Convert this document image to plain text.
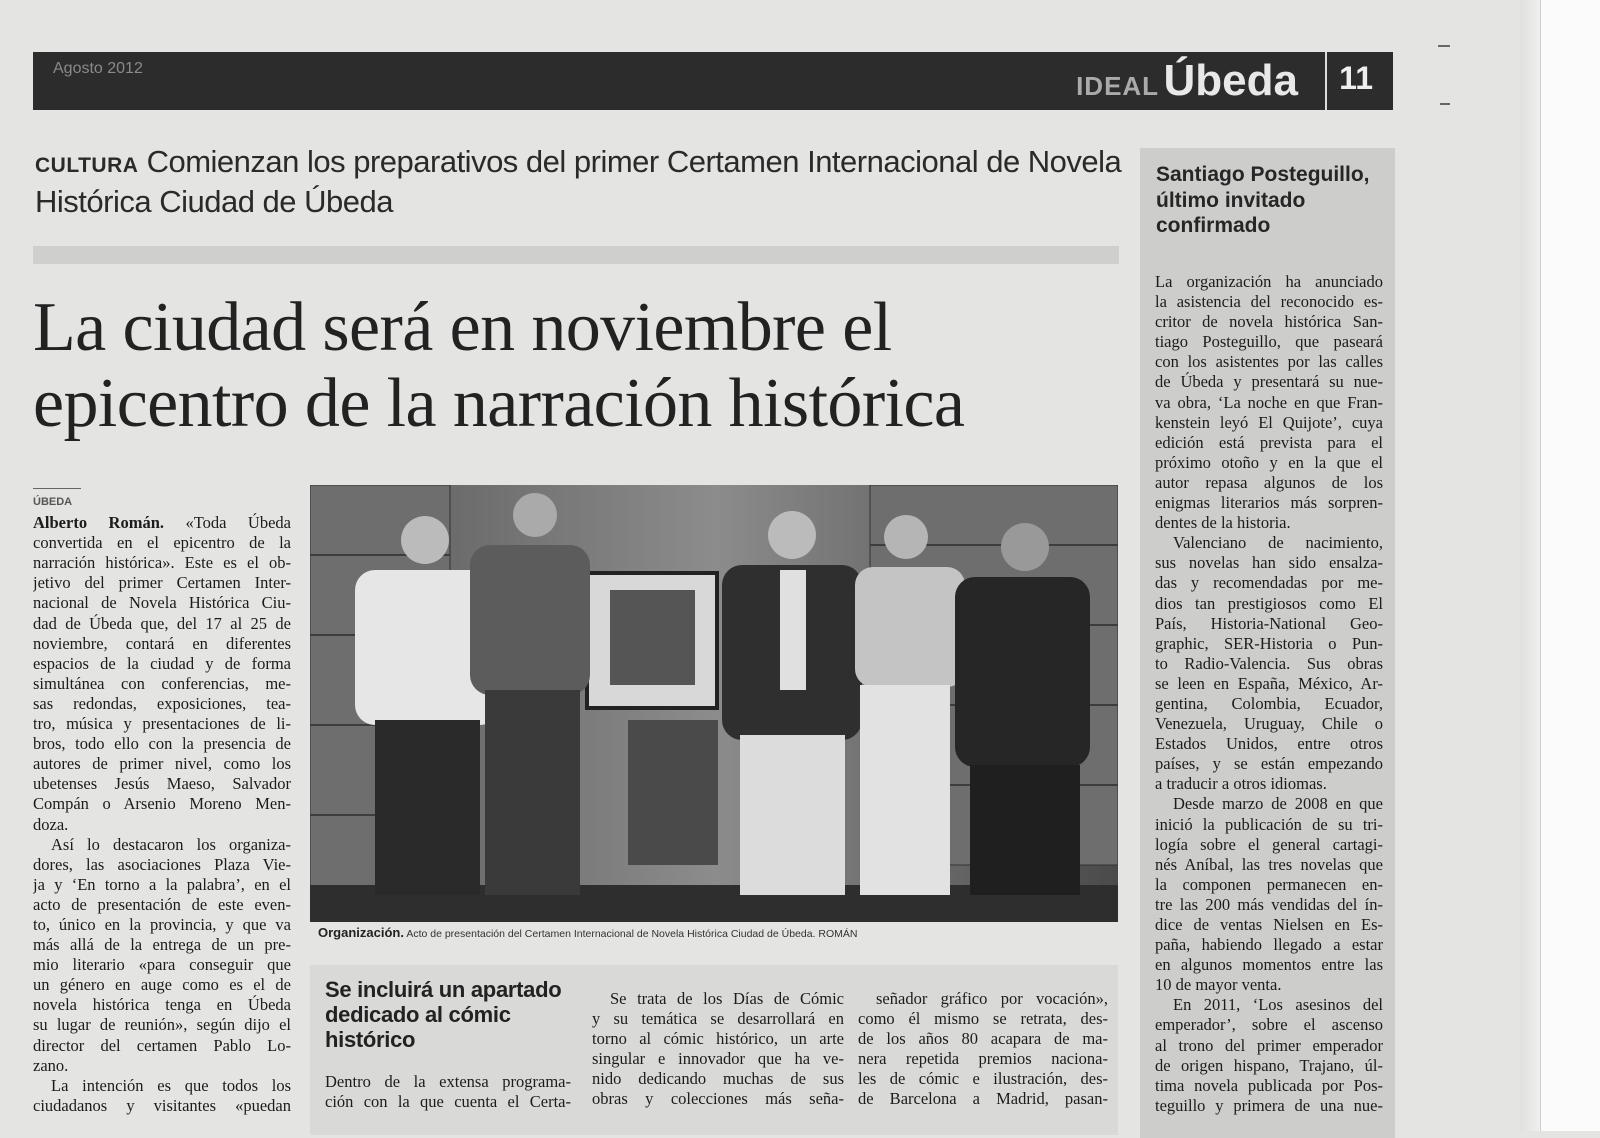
Agosto 2012
IDEAL Úbeda 11
CULTURA Comienzan los preparativos del primer Certamen Internacional de Novela Histórica Ciudad de Úbeda
La ciudad será en noviembre el
epicentro de la narración histórica
ÚBEDA
Alberto Román. «Toda Úbeda
convertida en el epicentro de la
narración histórica». Este es el ob-
jetivo del primer Certamen Inter-
nacional de Novela Histórica Ciu-
dad de Úbeda que, del 17 al 25 de
noviembre, contará en diferentes
espacios de la ciudad y de forma
simultánea con conferencias, me-
sas redondas, exposiciones, tea-
tro, música y presentaciones de li-
bros, todo ello con la presencia de
autores de primer nivel, como los
ubetenses Jesús Maeso, Salvador
Compán o Arsenio Moreno Men-
doza.
Así lo destacaron los organiza-
dores, las asociaciones Plaza Vie-
ja y ‘En torno a la palabra’, en el
acto de presentación de este even-
to, único en la provincia, y que va
más allá de la entrega de un pre-
mio literario «para conseguir que
un género en auge como es el de
novela histórica tenga en Úbeda
su lugar de reunión», según dijo el
director del certamen Pablo Lo-
zano.
La intención es que todos los
ciudadanos y visitantes «puedan
Organización. Acto de presentación del Certamen Internacional de Novela Histórica Ciudad de Úbeda. ROMÁN
Se incluirá un apartado dedicado al cómic histórico
Dentro de la extensa programa-
ción con la que cuenta el Certa-
Se trata de los Días de Cómic
y su temática se desarrollará en
torno al cómic histórico, un arte
singular e innovador que ha ve-
nido dedicando muchas de sus
obras y colecciones más seña-
señador gráfico por vocación»,
como él mismo se retrata, des-
de los años 80 acapara de ma-
nera repetida premios naciona-
les de cómic e ilustración, des-
de Barcelona a Madrid, pasan-
Santiago Posteguillo, último invitado confirmado
La organización ha anunciado
la asistencia del reconocido es-
critor de novela histórica San-
tiago Posteguillo, que paseará
con los asistentes por las calles
de Úbeda y presentará su nue-
va obra, ‘La noche en que Fran-
kenstein leyó El Quijote’, cuya
edición está prevista para el
próximo otoño y en la que el
autor repasa algunos de los
enigmas literarios más sorpren-
dentes de la historia.
Valenciano de nacimiento,
sus novelas han sido ensalza-
das y recomendadas por me-
dios tan prestigiosos como El
País, Historia-National Geo-
graphic, SER-Historia o Pun-
to Radio-Valencia. Sus obras
se leen en España, México, Ar-
gentina, Colombia, Ecuador,
Venezuela, Uruguay, Chile o
Estados Unidos, entre otros
países, y se están empezando
a traducir a otros idiomas.
Desde marzo de 2008 en que
inició la publicación de su tri-
logía sobre el general cartagi-
nés Aníbal, las tres novelas que
la componen permanecen en-
tre las 200 más vendidas del ín-
dice de ventas Nielsen en Es-
paña, habiendo llegado a estar
en algunos momentos entre las
10 de mayor venta.
En 2011, ‘Los asesinos del
emperador’, sobre el ascenso
al trono del primer emperador
de origen hispano, Trajano, úl-
tima novela publicada por Pos-
teguillo y primera de una nue-
